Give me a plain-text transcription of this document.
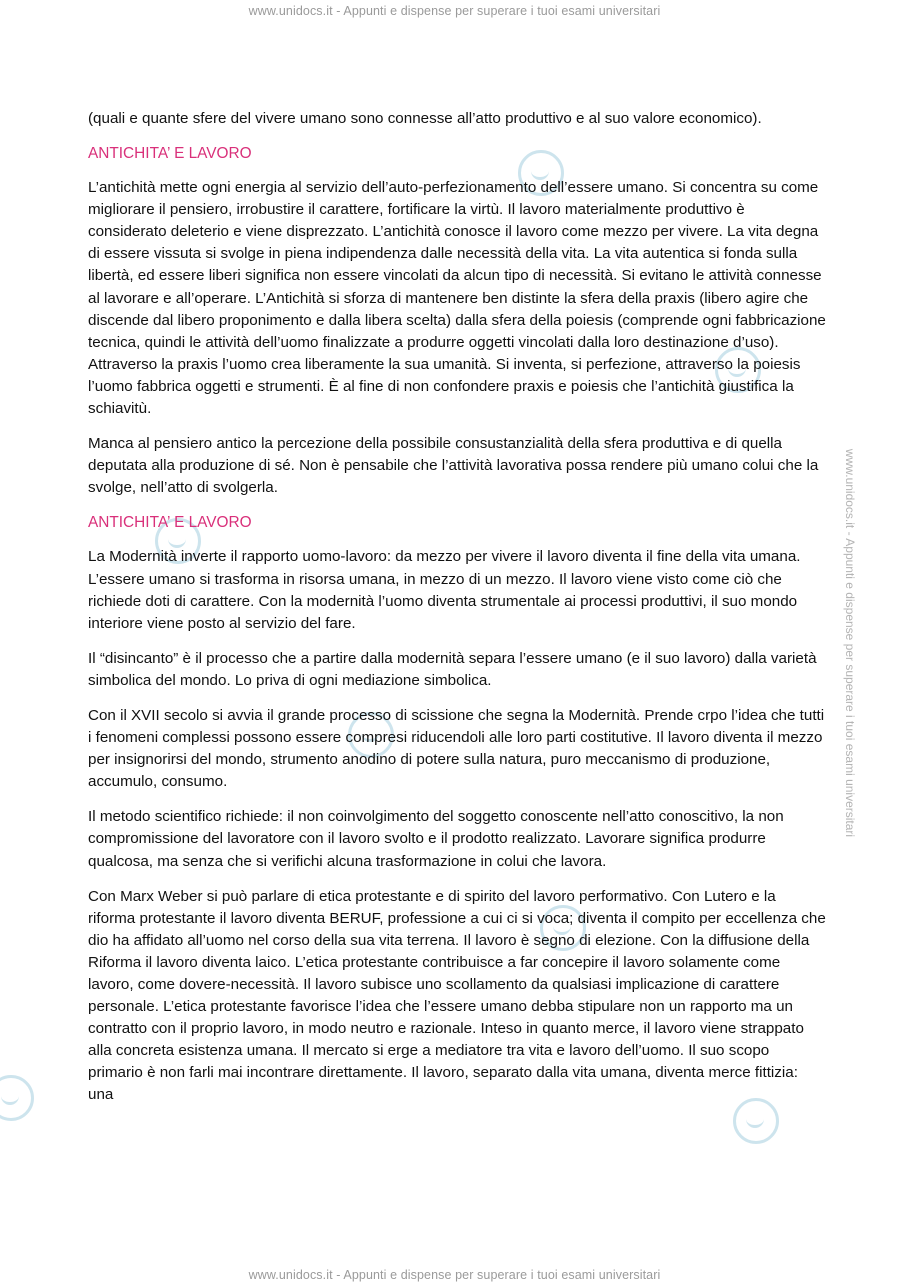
www.unidocs.it - Appunti e dispense per superare i tuoi esami universitari
www.unidocs.it - Appunti e dispense per superare i tuoi esami universitari

(quali e quante sfere del vivere umano sono connesse all’atto produttivo e al suo valore economico).

ANTICHITA’ E LAVORO

L’antichità mette ogni energia al servizio dell’auto-perfezionamento dell’essere umano. Si concentra su come migliorare il pensiero, irrobustire il carattere, fortificare la virtù. Il lavoro materialmente produttivo è considerato deleterio e viene disprezzato. L’antichità conosce il lavoro come mezzo per vivere. La vita degna di essere vissuta si svolge in piena indipendenza dalle necessità della vita. La vita autentica si fonda sulla libertà, ed essere liberi significa non essere vincolati da alcun tipo di necessità. Si evitano le attività connesse al lavorare e all’operare. L’Antichità si sforza di mantenere ben distinte la sfera della praxis (libero agire che discende dal libero proponimento e dalla libera scelta) dalla sfera della poiesis (comprende ogni fabbricazione tecnica, quindi le attività dell’uomo finalizzate a produrre oggetti vincolati dalla loro destinazione d’uso). Attraverso la praxis l’uomo crea liberamente la sua umanità. Si inventa, si perfezione, attraverso la poiesis l’uomo fabbrica oggetti e strumenti. È al fine di non confondere praxis e poiesis che l’antichità giustifica la schiavitù.

Manca al pensiero antico la percezione della possibile consustanzialità della sfera produttiva e di quella deputata alla produzione di sé. Non è pensabile che l’attività lavorativa possa rendere più umano colui che la svolge, nell’atto di svolgerla.

ANTICHITA’ E LAVORO

La Modernità inverte il rapporto uomo-lavoro: da mezzo per vivere il lavoro diventa il fine della vita umana. L’essere umano si trasforma in risorsa umana, in mezzo di un mezzo. Il lavoro viene visto come ciò che richiede doti di carattere. Con la modernità l’uomo diventa strumentale ai processi produttivi, il suo mondo interiore viene posto al servizio del fare.

Il “disincanto” è il processo che a partire dalla modernità separa l’essere umano (e il suo lavoro) dalla varietà simbolica del mondo. Lo priva di ogni mediazione simbolica.

Con il XVII secolo si avvia il grande processo di scissione che segna la Modernità. Prende crpo l’idea che tutti i fenomeni complessi possono essere compresi riducendoli alle loro parti costitutive. Il lavoro diventa il mezzo per insignorirsi del mondo, strumento anodino di potere sulla natura, puro meccanismo di produzione, accumulo, consumo.

Il metodo scientifico richiede: il non coinvolgimento del soggetto conoscente nell’atto conoscitivo, la non compromissione del lavoratore con il lavoro svolto e il prodotto realizzato. Lavorare significa produrre qualcosa, ma senza che si verifichi alcuna trasformazione in colui che lavora.

Con Marx Weber si può parlare di etica protestante e di spirito del lavoro performativo. Con Lutero e la riforma protestante il lavoro diventa BERUF, professione a cui ci si voca; diventa il compito per eccellenza che dio ha affidato all’uomo nel corso della sua vita terrena. Il lavoro è segno di elezione. Con la diffusione della Riforma il lavoro diventa laico. L’etica protestante contribuisce a far concepire il lavoro solamente come lavoro, come dovere-necessità. Il lavoro subisce uno scollamento da qualsiasi implicazione di carattere personale. L’etica protestante favorisce l’idea che l’essere umano debba stipulare non un rapporto ma un contratto con il proprio lavoro, in modo neutro e razionale. Inteso in quanto merce, il lavoro viene strappato alla concreta esistenza umana. Il mercato si erge a mediatore tra vita e lavoro dell’uomo. Il suo scopo primario è non farli mai incontrare direttamente. Il lavoro, separato dalla vita umana, diventa merce fittizia: una

www.unidocs.it - Appunti e dispense per superare i tuoi esami universitari
